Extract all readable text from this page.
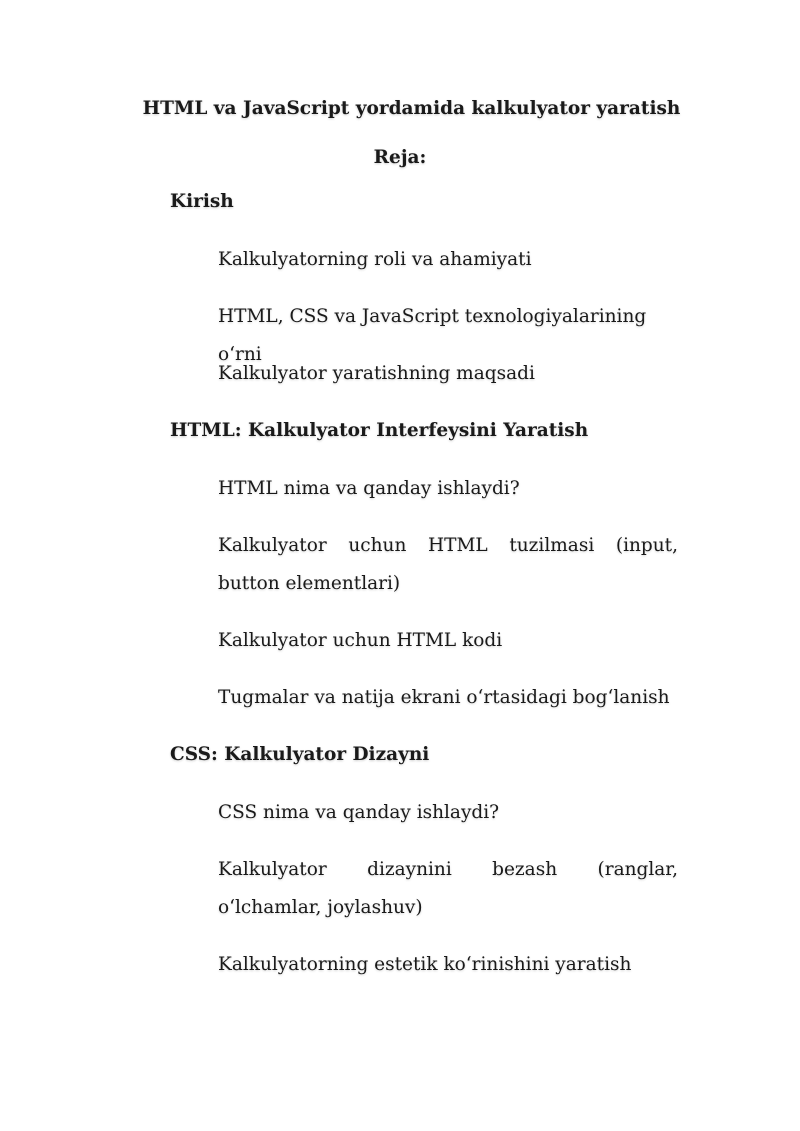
HTML va JavaScript yordamida kalkulyator yaratish
Reja:
Kirish

Kalkulyatorning roli va ahamiyati

HTML, CSS va JavaScript texnologiyalarining o‘rni

Kalkulyator yaratishning maqsadi

HTML: Kalkulyator Interfeysini Yaratish

HTML nima va qanday ishlaydi?

Kalkulyator uchun HTML tuzilmasi (input, button elementlari)

Kalkulyator uchun HTML kodi

Tugmalar va natija ekrani o‘rtasidagi bog‘lanish

CSS: Kalkulyator Dizayni

CSS nima va qanday ishlaydi?

Kalkulyator dizaynini bezash (ranglar, o‘lchamlar, joylashuv)

Kalkulyatorning estetik ko‘rinishini yaratish
